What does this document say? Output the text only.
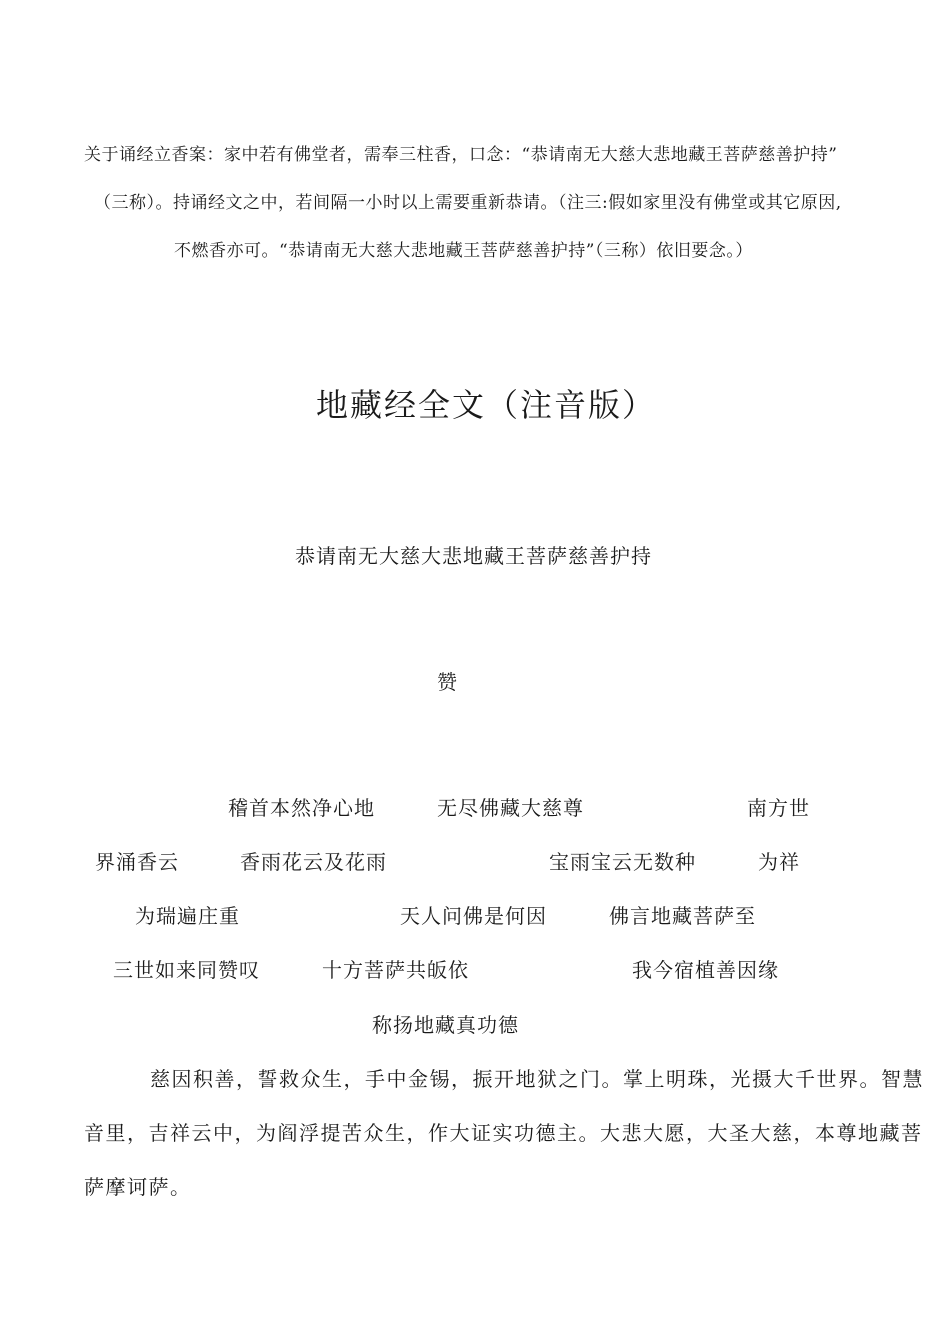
关于诵经立香案：家中若有佛堂者，需奉三柱香，口念：“恭请南无大慈大悲地藏王菩萨慈善护持”
（三称）。持诵经文之中，若间隔一小时以上需要重新恭请。（注三:假如家里没有佛堂或其它原因,
不燃香亦可。“恭请南无大慈大悲地藏王菩萨慈善护持”（三称）依旧要念。）
地藏经全文（注音版）
恭请南无大慈大悲地藏王菩萨慈善护持
赞
稽首本然净心地	无尽佛藏大慈尊	南方世
界涌香云	香雨花云及花雨	宝雨宝云无数种	为祥
为瑞遍庄重	天人问佛是何因	佛言地藏菩萨至
三世如来同赞叹	十方菩萨共皈依	我今宿植善因缘
称扬地藏真功德
慈因积善，誓救众生，手中金锡，振开地狱之门。掌上明珠，光摄大千世界。智慧
音里，吉祥云中，为阎浮提苦众生，作大证实功德主。大悲大愿，大圣大慈，本尊地藏菩
萨摩诃萨。
